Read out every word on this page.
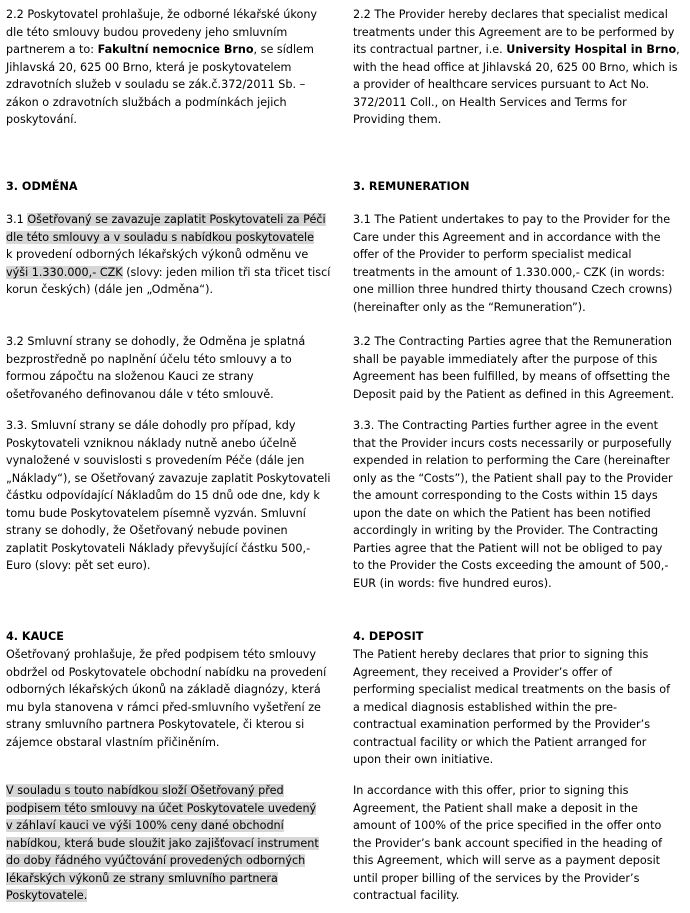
2.2 Poskytovatel prohlašuje, že odborné lékařské úkony
dle této smlouvy budou provedeny jeho smluvním
partnerem a to: Fakultní nemocnice Brno, se sídlem
Jihlavská 20, 625 00 Brno, která je poskytovatelem
zdravotních služeb v souladu se zák.č.372/2011 Sb. –
zákon o zdravotních službách a podmínkách jejich
poskytování.
3. ODMĚNA
3.1 Ošetřovaný se zavazuje zaplatit Poskytovateli za Péči
dle této smlouvy a v souladu s nabídkou poskytovatele
k provedení odborných lékařských výkonů odměnu ve
výši 1.330.000,- CZK (slovy: jeden milion tři sta třicet tiscí
korun českých) (dále jen „Odměna“).
3.2 Smluvní strany se dohodly, že Odměna je splatná
bezprostředně po naplnění účelu této smlouvy a to
formou zápočtu na složenou Kauci ze strany
ošetřovaného definovanou dále v této smlouvě.
3.3. Smluvní strany se dále dohodly pro případ, kdy
Poskytovateli vzniknou náklady nutně anebo účelně
vynaložené v souvislosti s provedením Péče (dále jen
„Náklady“), se Ošetřovaný zavazuje zaplatit Poskytovateli
částku odpovídající Nákladům do 15 dnů ode dne, kdy k
tomu bude Poskytovatelem písemně vyzván. Smluvní
strany se dohodly, že Ošetřovaný nebude povinen
zaplatit Poskytovateli Náklady převyšující částku 500,-
Euro (slovy: pět set euro).
4. KAUCE
Ošetřovaný prohlašuje, že před podpisem této smlouvy
obdržel od Poskytovatele obchodní nabídku na provedení
odborných lékařských úkonů na základě diagnózy, která
mu byla stanovena v rámci před-smluvního vyšetření ze
strany smluvního partnera Poskytovatele, či kterou si
zájemce obstaral vlastním přičiněním.
V souladu s touto nabídkou složí Ošetřovaný před
podpisem této smlouvy na účet Poskytovatele uvedený
v záhlaví kauci ve výši 100% ceny dané obchodní
nabídkou, která bude sloužit jako zajišťovací instrument
do doby řádného vyúčtování provedených odborných
lékařských výkonů ze strany smluvního partnera
Poskytovatele.
2.2 The Provider hereby declares that specialist medical
treatments under this Agreement are to be performed by
its contractual partner, i.e. University Hospital in Brno,
with the head office at Jihlavská 20, 625 00 Brno, which is
a provider of healthcare services pursuant to Act No.
372/2011 Coll., on Health Services and Terms for
Providing them.
3. REMUNERATION
3.1 The Patient undertakes to pay to the Provider for the
Care under this Agreement and in accordance with the
offer of the Provider to perform specialist medical
treatments in the amount of 1.330.000,- CZK (in words:
one million three hundred thirty thousand Czech crowns)
(hereinafter only as the “Remuneration”).
3.2 The Contracting Parties agree that the Remuneration
shall be payable immediately after the purpose of this
Agreement has been fulfilled, by means of offsetting the
Deposit paid by the Patient as defined in this Agreement.
3.3. The Contracting Parties further agree in the event
that the Provider incurs costs necessarily or purposefully
expended in relation to performing the Care (hereinafter
only as the “Costs”), the Patient shall pay to the Provider
the amount corresponding to the Costs within 15 days
upon the date on which the Patient has been notified
accordingly in writing by the Provider. The Contracting
Parties agree that the Patient will not be obliged to pay
to the Provider the Costs exceeding the amount of 500,-
EUR (in words: five hundred euros).
4. DEPOSIT
The Patient hereby declares that prior to signing this
Agreement, they received a Provider’s offer of
performing specialist medical treatments on the basis of
a medical diagnosis established within the pre-
contractual examination performed by the Provider’s
contractual facility or which the Patient arranged for
upon their own initiative.
In accordance with this offer, prior to signing this
Agreement, the Patient shall make a deposit in the
amount of 100% of the price specified in the offer onto
the Provider’s bank account specified in the heading of
this Agreement, which will serve as a payment deposit
until proper billing of the services by the Provider’s
contractual facility.
